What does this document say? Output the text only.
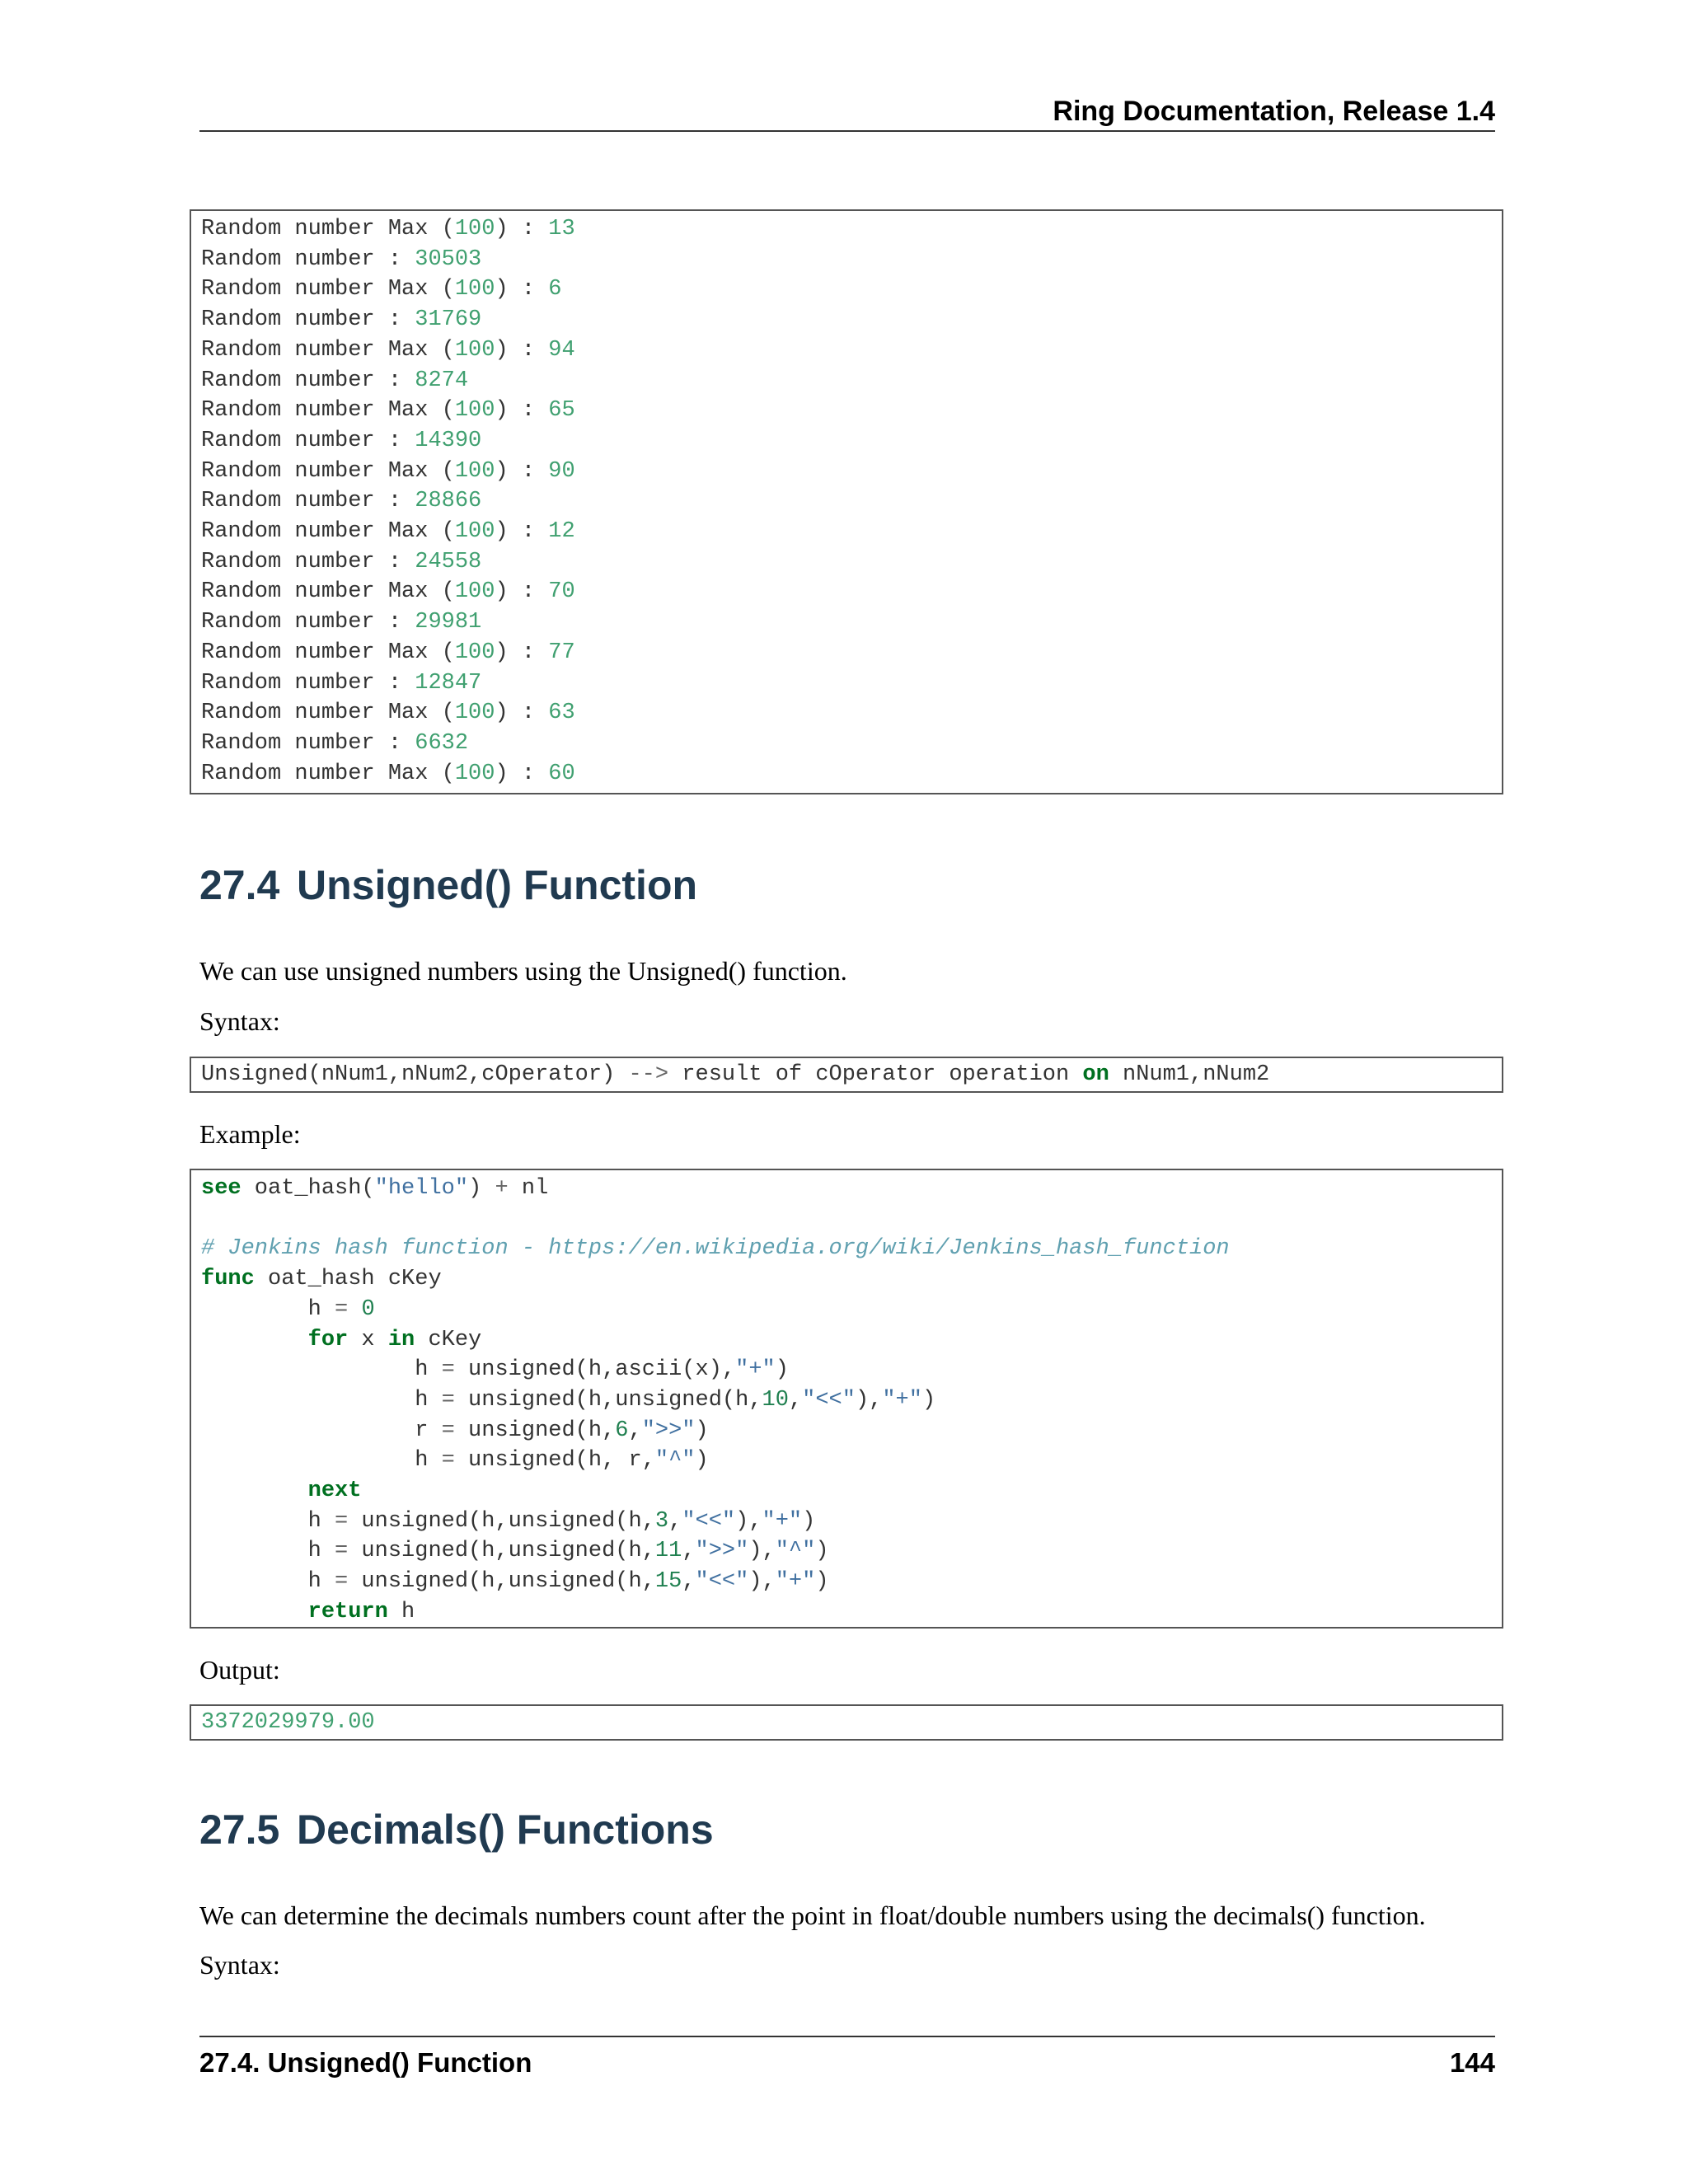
Ring Documentation, Release 1.4
Random number Max (100) : 13
Random number : 30503
Random number Max (100) : 6
Random number : 31769
Random number Max (100) : 94
Random number : 8274
Random number Max (100) : 65
Random number : 14390
Random number Max (100) : 90
Random number : 28866
Random number Max (100) : 12
Random number : 24558
Random number Max (100) : 70
Random number : 29981
Random number Max (100) : 77
Random number : 12847
Random number Max (100) : 63
Random number : 6632
Random number Max (100) : 60
27.4 Unsigned() Function
We can use unsigned numbers using the Unsigned() function.
Syntax:
Unsigned(nNum1,nNum2,cOperator) --> result of cOperator operation on nNum1,nNum2
Example:
see oat_hash("hello") + nl
# Jenkins hash function - https://en.wikipedia.org/wiki/Jenkins_hash_function
func oat_hash cKey
h = 0
for x in cKey
h = unsigned(h,ascii(x),"+")
h = unsigned(h,unsigned(h,10,"<<"),"+")
r = unsigned(h,6,">>")
h = unsigned(h, r,"^")
next
h = unsigned(h,unsigned(h,3,"<<"),"+")
h = unsigned(h,unsigned(h,11,">>"),"^")
h = unsigned(h,unsigned(h,15,"<<"),"+")
return h
Output:
3372029979.00
27.5 Decimals() Functions
We can determine the decimals numbers count after the point in float/double numbers using the decimals() function.
Syntax:
27.4. Unsigned() Function	144
